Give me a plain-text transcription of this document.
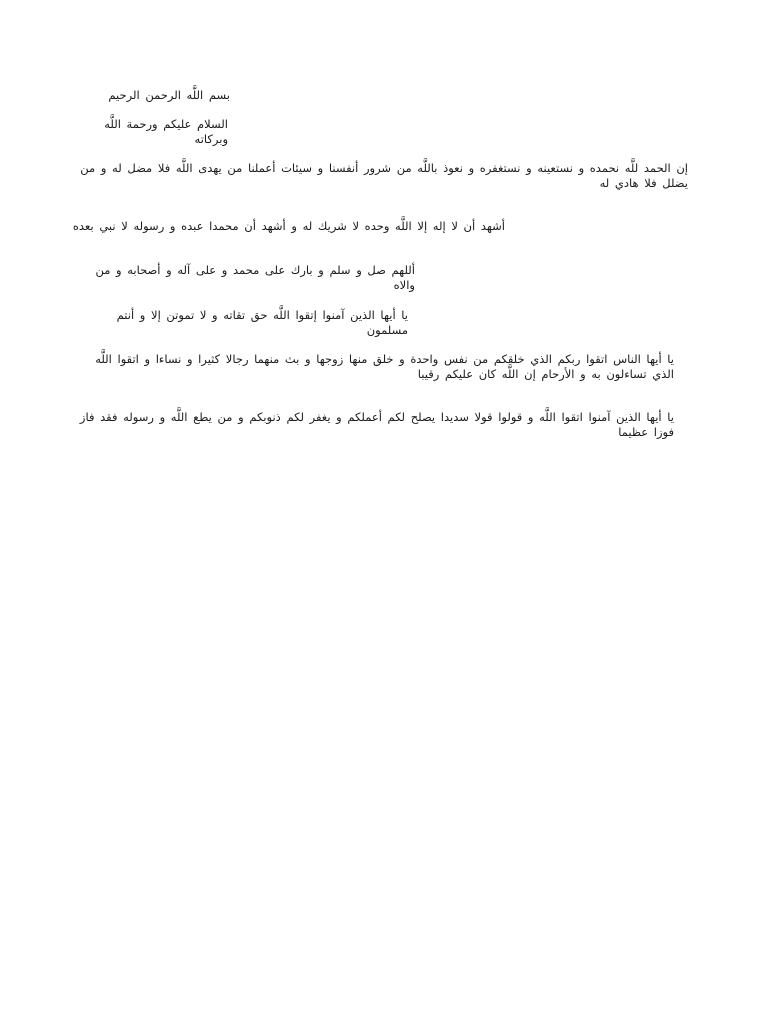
بسم اللَّه الرحمن الرحيم
السلام عليكم ورحمة اللَّه وبركاته
إن الحمد للَّه نحمده و نستعينه و نستغفره و نعوذ باللَّه من شرور أنفسنا و سيئات أعملنا من يهدى اللَّه فلا مضل له و من يضلل فلا هادي له
أشهد أن لا إله إلا اللَّه وحده لا شريك له و أشهد أن محمدا عبده و رسوله لا نبي بعده
أللهم صل و سلم و بارك على محمد و على آله و أصحابه و من والاه
يا أيها الذين آمنوا إتقوا اللَّه حق تقاته و لا تموتن إلا و أنتم مسلمون
يا أيها الناس اتقوا ربكم الذي خلقكم من نفس واحدة و خلق منها زوجها و بث منهما رجالا كثيرا و نساءا و اتقوا اللَّه الذي تساءلون به و الأرحام إن اللَّه كان عليكم رقيبا
يا أيها الذين آمنوا اتقوا اللَّه و قولوا قولا سديدا يصلح لكم أعملكم و يغفر لكم ذنوبكم و من يطع اللَّه و رسوله فقد فاز فوزا عظيما
